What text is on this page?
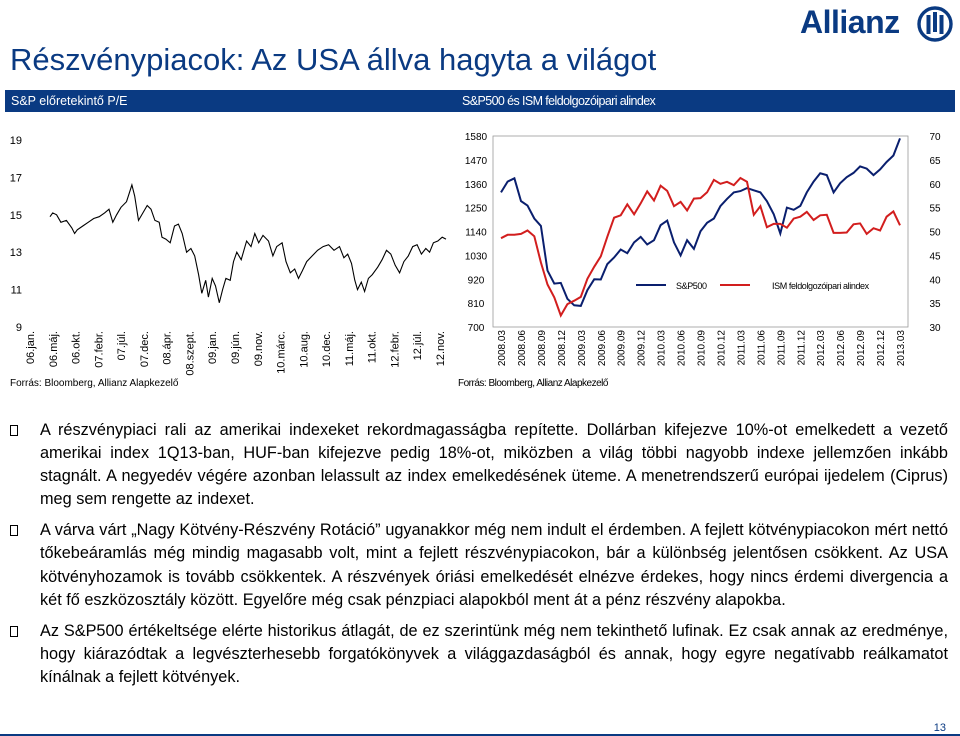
Allianz
Részvénypiacok: Az USA állva hagyta a világot
S&P előretekintő P/E	S&P500 és ISM feldolgozóipari alindex
19
17
15
13
11
9
06.jan. 06.máj. 06.okt. 07.febr. 07.júl. 07.dec. 08.ápr. 08.szept. 09.jan. 09.jún. 09.nov. 10.márc. 10.aug. 10.dec. 11.máj. 11.okt. 12.febr. 12.júl. 12.nov.
1580
1470
1360
1250
1140
1030
920
810
700
70
65
60
55
50
45
40
35
30
2008.03 2008.06 2008.09 2008.12 2009.03 2009.06 2009.09 2009.12 2010.03 2010.06 2010.09 2010.12 2011.03 2011.06 2011.09 2011.12 2012.03 2012.06 2012.09 2012.12 2013.03
S&P500	ISM feldolgozóipari alindex
Forrás: Bloomberg, Allianz Alapkezelő	Forrás: Bloomberg, Allianz Alapkezelő
A részvénypiaci rali az amerikai indexeket rekordmagasságba repítette. Dollárban kifejezve 10%-ot emelkedett a vezető amerikai index 1Q13-ban, HUF-ban kifejezve pedig 18%-ot, miközben a világ többi nagyobb indexe jellemzően inkább stagnált. A negyedév végére azonban lelassult az index emelkedésének üteme. A menetrendszerű európai ijedelem (Ciprus) meg sem rengette az indexet.
A várva várt „Nagy Kötvény-Részvény Rotáció” ugyanakkor még nem indult el érdemben. A fejlett kötvénypiacokon mért nettó tőkebeáramlás még mindig magasabb volt, mint a fejlett részvénypiacokon, bár a különbség jelentősen csökkent. Az USA kötvényhozamok is tovább csökkentek. A részvények óriási emelkedését elnézve érdekes, hogy nincs érdemi divergencia a két fő eszközosztály között. Egyelőre még csak pénzpiaci alapokból ment át a pénz részvény alapokba.
Az S&P500 értékeltsége elérte historikus átlagát, de ez szerintünk még nem tekinthető lufinak. Ez csak annak az eredménye, hogy kiárazódtak a legvészterhesebb forgatókönyvek a világgazdaságból és annak, hogy egyre negatívabb reálkamatot kínálnak a fejlett kötvények.
13
